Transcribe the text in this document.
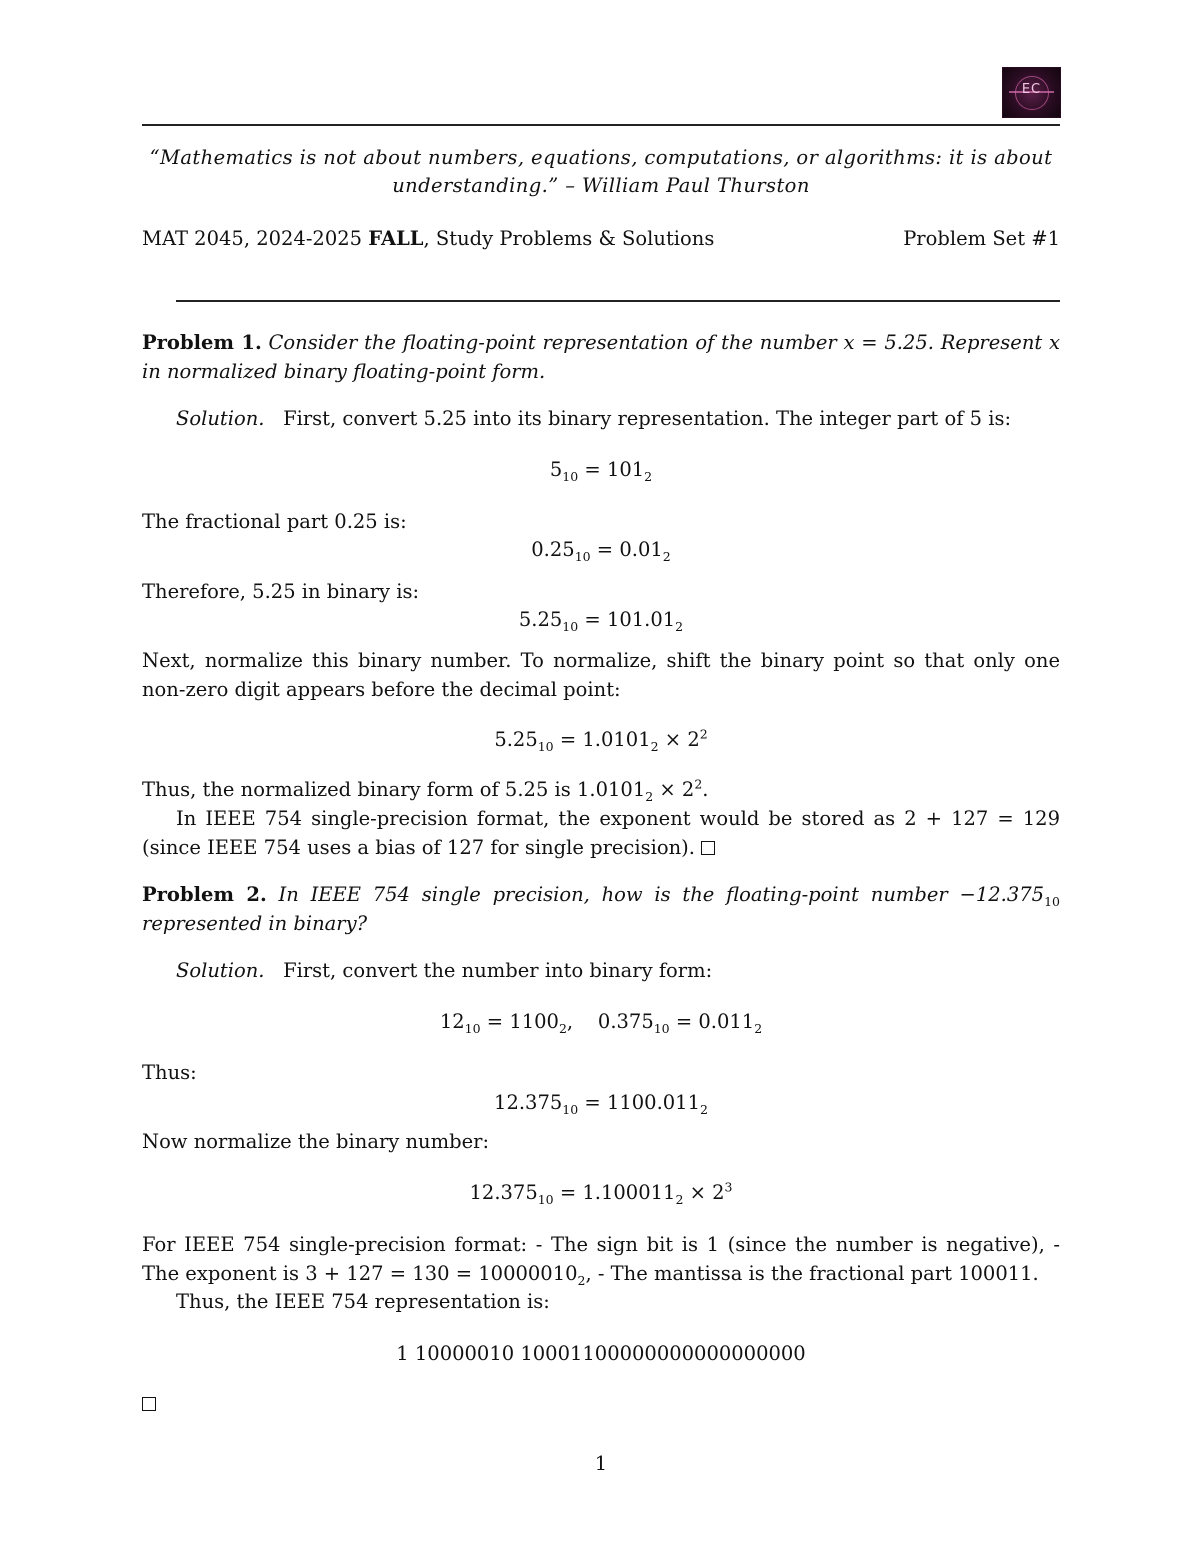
EC
“Mathematics is not about numbers, equations, computations, or algorithms: it is about understanding.” – William Paul Thurston
MAT 2045, 2024-2025 FALL, Study Problems & Solutions	Problem Set #1
Problem 1. Consider the floating-point representation of the number x = 5.25. Represent x in normalized binary floating-point form.
Solution. First, convert 5.25 into its binary representation. The integer part of 5 is:
$5_{10} = 101_2$
The fractional part 0.25 is:
$0.25_{10} = 0.01_2$
Therefore, 5.25 in binary is:
$5.25_{10} = 101.01_2$
Next, normalize this binary number. To normalize, shift the binary point so that only one non-zero digit appears before the decimal point:
$5.25_{10} = 1.0101_2 \times 2^2$
Thus, the normalized binary form of 5.25 is $1.0101_2 \times 2^2$.
In IEEE 754 single-precision format, the exponent would be stored as 2 + 127 = 129 (since IEEE 754 uses a bias of 127 for single precision).
Problem 2. In IEEE 754 single precision, how is the floating-point number $-12.375_{10}$ represented in binary?
Solution. First, convert the number into binary form:
$12_{10} = 1100_2$,    $0.375_{10} = 0.011_2$
Thus:
$12.375_{10} = 1100.011_2$
Now normalize the binary number:
$12.375_{10} = 1.100011_2 \times 2^3$
For IEEE 754 single-precision format: - The sign bit is 1 (since the number is negative), - The exponent is $3 + 127 = 130 = 10000010_2$, - The mantissa is the fractional part 100011.
Thus, the IEEE 754 representation is:
1 10000010 10001100000000000000000
1
